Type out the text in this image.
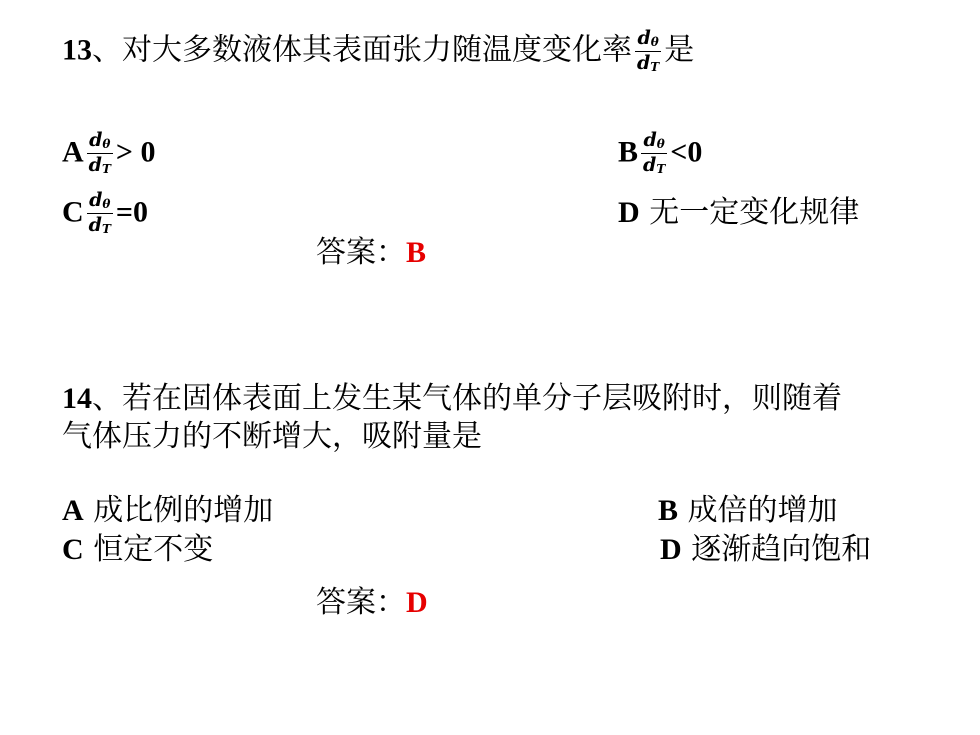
13、对大多数液体其表面张力随温度变化率 $\frac{d_\theta}{d_T}$ 是
A $\frac{d_\theta}{d_T} > 0$	B $\frac{d_\theta}{d_T} <0$
C $\frac{d_\theta}{d_T} =0$	D 无一定变化规律
答案：B
14、若在固体表面上发生某气体的单分子层吸附时，则随着
气体压力的不断增大，吸附量是
A 成比例的增加	B 成倍的增加
C 恒定不变	D 逐渐趋向饱和
答案：D
